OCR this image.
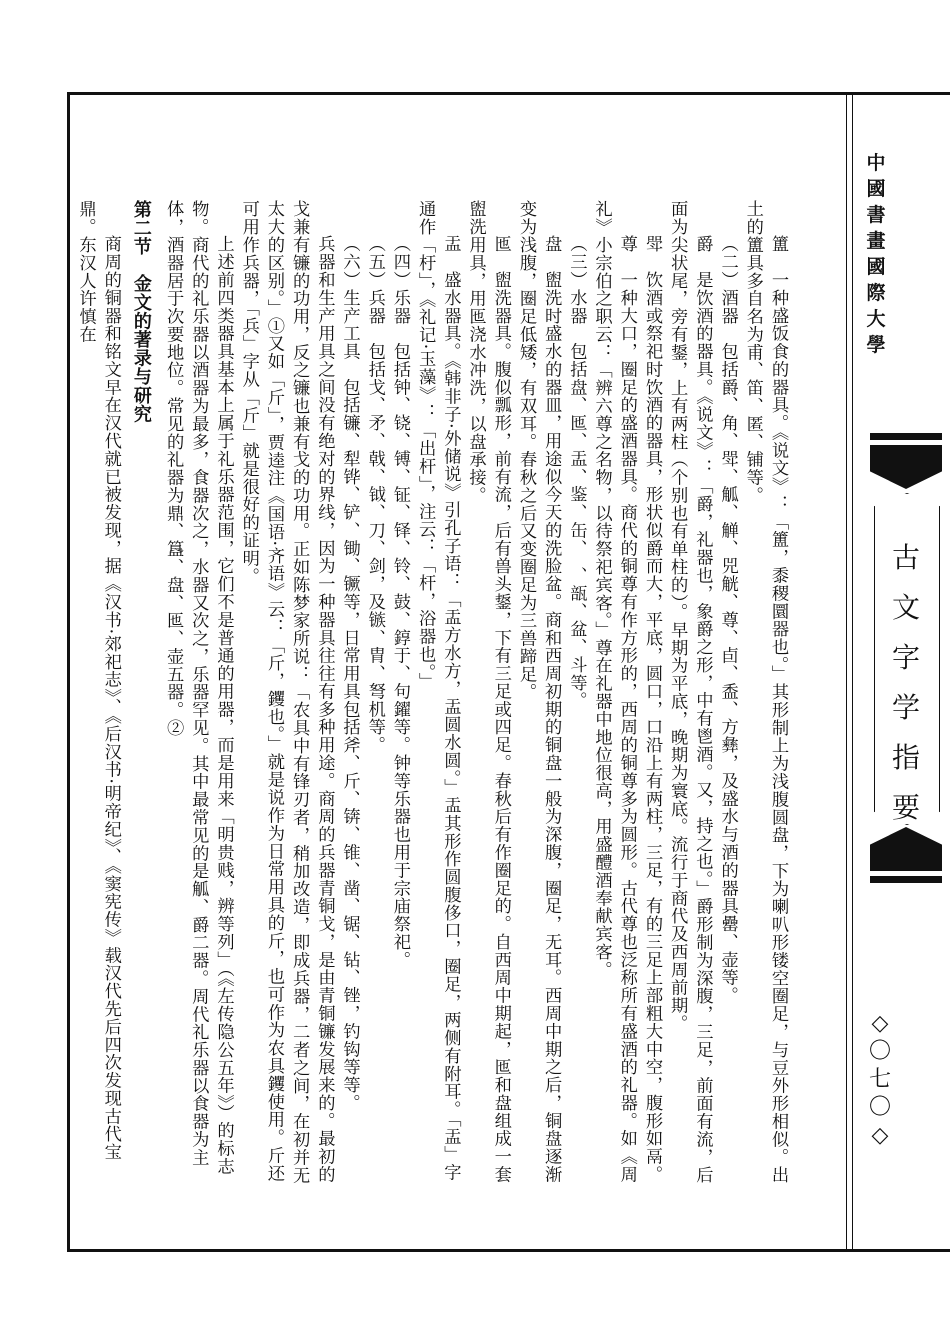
中
國
書
畫
國
際
大
學
古
文
字
学
指
要
◇
〇
七
〇
◇

簠　一种盛饭食的器具。《说文》：「簠，黍稷圜器也。」其形制上为浅腹圆盘，下为喇叭形镂空圈足，与豆外形相似。出土的簠具多自名为甫、笛、匿、铺等。

（二）酒器　包括爵、角、斝、觚、觯、兕觥、尊、卣、盉、方彝，及盛水与酒的器具罍、壶等。

爵　是饮酒的器具。《说文》：「爵，礼器也，象爵之形，中有鬯酒。又，持之也。」爵形制为深腹，三足，前面有流，后面为尖状尾，旁有鋬，上有两柱（个别也有单柱的）。早期为平底，晚期为寰底。流行于商代及西周前期。

斝　饮酒或祭祀时饮酒的器具，形状似爵而大，平底，圆口，口沿上有两柱，三足，有的三足上部粗大中空，腹形如鬲。

尊　一种大口，圈足的盛酒器具。商代的铜尊有作方形的，西周的铜尊多为圆形。古代尊也泛称所有盛酒的礼器。如《周礼》小宗伯之职云：「辨六尊之名物，以待祭祀宾客。」尊在礼器中地位很高，用盛醴酒奉献宾客。

（三）水器　包括盘、匜、盂、鉴、缶、　、瓿、盆、斗等。

盘　盥洗时盛水的器皿，用途似今天的洗脸盆。商和西周初期的铜盘一般为深腹，圈足，无耳。西周中期之后，铜盘逐渐变为浅腹，圈足低矮，有双耳。春秋之后又变圈足为三兽蹄足。

匜　盥洗器具。腹似瓢形，前有流，后有兽头鋬，下有三足或四足。春秋后有作圈足的。自西周中期起，匜和盘组成一套盥洗用具，用匜浇水冲洗，以盘承接。

盂　盛水器具。《韩非子·外储说》引孔子语：「盂方水方，盂圆水圆。」盂其形作圆腹侈口，圈足，两侧有附耳。「盂」字通作「杅」，《礼记·玉藻》：「出杆」，注云：「杆，浴器也。」

（四）乐器　包括钟、铙、镈、钲、铎、铃、鼓、錞于、句鑃等。钟等乐器也用于宗庙祭祀。

（五）兵器　包括戈、矛、戟、钺、刀、剑，及镞、胄、弩机等。

（六）生产工具　包括镰、犁铧、铲、锄、镢等，日常用具包括斧、斤、锛、锥、凿、锯、钻、锉，钓钩等等。

兵器和生产用具之间没有绝对的界线，因为一种器具往往有多种用途。商周的兵器青铜戈，是由青铜镰发展来的。最初的戈兼有镰的功用，反之镰也兼有戈的功用。正如陈梦家所说：「农具中有锋刃者，稍加改造，即成兵器，二者之间，在初并无太大的区别。」①又如「斤」，贾逵注《国语·齐语》云：「斤，钁也。」就是说作为日常用具的斤，也可作为农具钁使用。斤还可用作兵器，「兵」字从「斤」就是很好的证明。

上述前四类器具基本上属于礼乐器范围，它们不是普通的用器，而是用来「明贵贱，辨等列」（《左传隐公五年》）的标志物。商代的礼乐器以酒器为最多，食器次之，水器又次之，乐器罕见。其中最常见的是觚、爵二器。周代礼乐器以食器为主体，酒器居于次要地位。常见的礼器为鼎、簋、盘、匜、壶五器。②

第二节　金文的著录与研究

商周的铜器和铭文早在汉代就已被发现，据《汉书·郊祀志》、《后汉书·明帝纪》、《窦宪传》载汉代先后四次发现古代宝鼎。东汉人许慎在
